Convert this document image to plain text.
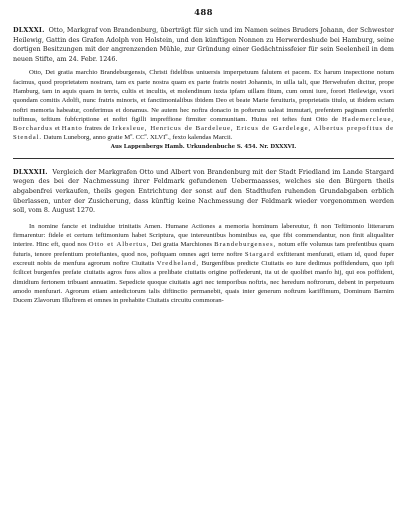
488

DLXXXI. Otto, Markgraf von Brandenburg, überträgt für sich und im Namen seines Bruders Johann, der Schwester Heilewig, Gattin des Grafen Adolph von Holstein, und den künftigen Nonnen zu Herwerdeshude bei Hamburg, seine dortigen Besitzungen mit der angrenzenden Mühle, zur Gründung einer Gedächtnissfeier für sein Seelenheil in dem neuen Stifte, am 24. Febr. 1246.

Otto, Dei gratia marchio Brandeburgensis, Christi fidelibus uniuersis imperpetuum falutem et pacem. Ex harum inspectione notum facimus, quod proprietatem nostram, tam ex parte nostra quam ex parte fratris nostri Johannis, in uilla tali, que Herwehufen dicitur, prope Hamburg, tam in aquis quam in terris, cultis et incultis, et molendinum iuxta ipfam uillam fitum, cum omni iure, forori Heilewige, vxori quondam comitis Adolfi, nunc fratris minoris, et fanctimonialibus ibidem Deo et beate Marie feruituris, proprietatis titulo, ut ibidem eciam noftri memoria habeatur, conferimus et donamus. Ne autem hec noftra donacio in pofterum ualeat immutari, prefentem paginam conferibi iuffimus, teftium fubfcriptione et noftri figilli impreffione firmiter communitam. Huius rei teftes funt Otto de Hademercleue, Borchardus et Hanto fratres de Irkesleue, Henricus de Bardeleue, Ericus de Gardelege, Albertus prepofitus de Stendal. Datum Luneborg, anno gratie Mº. CCº. XLVIº., fexto kalendas Marcii.

Aus Lappenbergs Hamb. Urkundenbuche S. 454. Nr. DXXXVI.

DLXXXII. Vergleich der Markgrafen Otto und Albert von Brandenburg mit der Stadt Friedland im Lande Stargard wegen des bei der Nachmessung ihrer Feldmark gefundenen Uebermaasses, welches sie den Bürgern theils abgabenfrei verkaufen, theils gegen Entrichtung der sonst auf den Stadthufen ruhenden Grundabgaben erblich überlassen, unter der Zusicherung, dass künftig keine Nachmessung der Feldmark wieder vorgenommen werden soll, vom 8. August 1270.

In nomine fancte et indiuidue trinitatis Amen. Humane Actiones a memoria hominum labereutur, fi non Teftimonio litterarum firmarentur: fidele et certum teftimonium habet Scriptura, que intereuntibus hominibus ea, que fibi commendantur, non finit aliqualiter interire. Hinc eft, quod nos Otto et Albertus, Dei gratia Marchiones Brandeburgenses, notum effe volumus tam prefentibus quam futuris, tenore prefentium proteftantes, quod nos, poftquam omnes agri terre noftre Stargard exftiterant menfurati, etiam id, quod fuper excreuit nobis de menfura agrorum noftre Ciuitatis Vredheland, Burgenfibus predicte Ciuitatis eo iure dedimus poffidendum, quo ipfi fcilicet burgenfes prefate ciuitatis agros fuos alios a prelibate ciuitatis origine poffederunt, ita ut de quolibet manfo hij, qui eos poffident, dimidium fertonem tribuant annuatim. Sepedicte quoque ciuitatis agri nec temporibus noftris, nec heredum noftrorum, debent in perpetuum amodo menfurari. Agrorum etiam antedictorum talis diftinctio permanebit, quais inter generum noftrum kariffimum, Dominum Barnim Ducem Zlavorum Illuftrem et omnes in prehabite Ciuitatis circuitu commoran-
